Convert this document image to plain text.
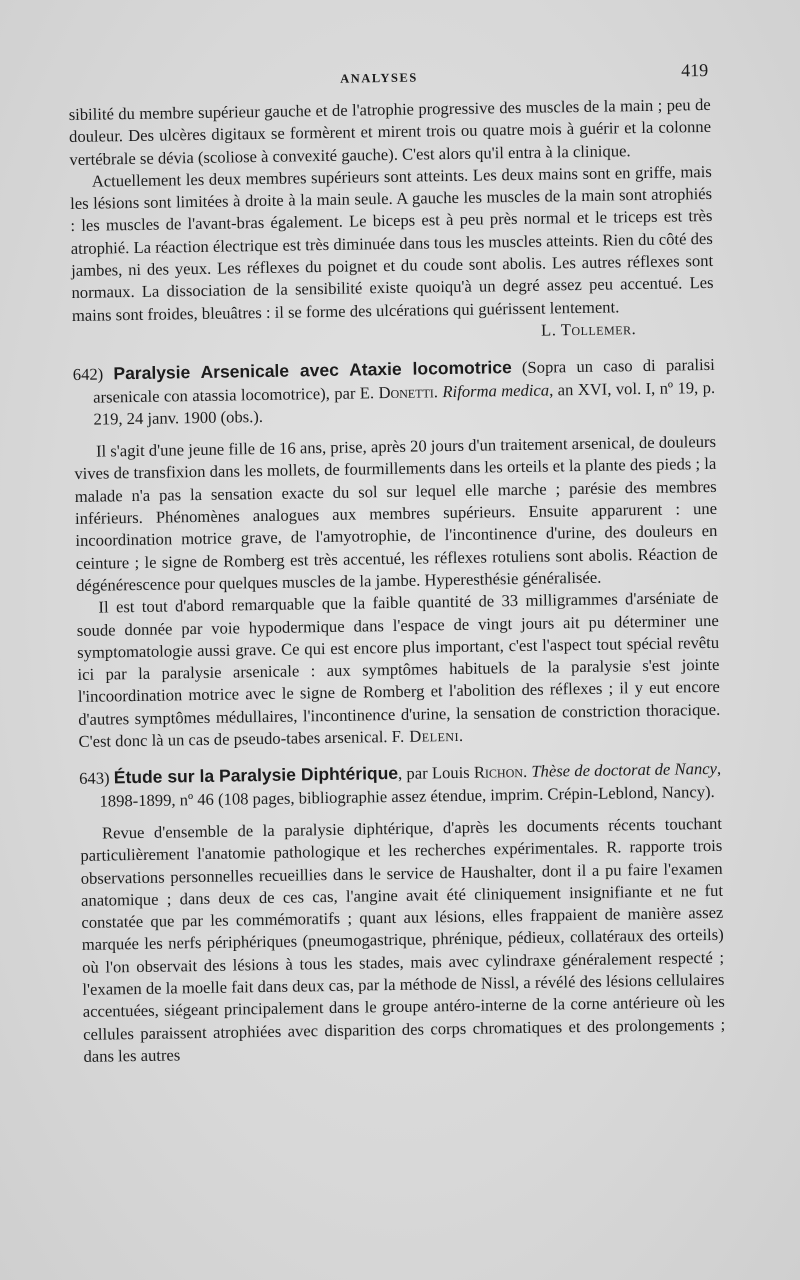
ANALYSES	419

sibilité du membre supérieur gauche et de l'atrophie progressive des muscles de la main ; peu de douleur. Des ulcères digitaux se formèrent et mirent trois ou quatre mois à guérir et la colonne vertébrale se dévia (scoliose à convexité gauche). C'est alors qu'il entra à la clinique.

Actuellement les deux membres supérieurs sont atteints. Les deux mains sont en griffe, mais les lésions sont limitées à droite à la main seule. A gauche les muscles de la main sont atrophiés : les muscles de l'avant-bras également. Le biceps est à peu près normal et le triceps est très atrophié. La réaction électrique est très diminuée dans tous les muscles atteints. Rien du côté des jambes, ni des yeux. Les réflexes du poignet et du coude sont abolis. Les autres réflexes sont normaux. La dissociation de la sensibilité existe quoiqu'à un degré assez peu accentué. Les mains sont froides, bleuâtres : il se forme des ulcérations qui guérissent lentement.

L. Tollemer.

642) Paralysie Arsenicale avec Ataxie locomotrice (Sopra un caso di paralisi arsenicale con atassia locomotrice), par E. Donetti. Riforma medica, an XVI, vol. I, nº 19, p. 219, 24 janv. 1900 (obs.).

Il s'agit d'une jeune fille de 16 ans, prise, après 20 jours d'un traitement arsenical, de douleurs vives de transfixion dans les mollets, de fourmillements dans les orteils et la plante des pieds ; la malade n'a pas la sensation exacte du sol sur lequel elle marche ; parésie des membres inférieurs. Phénomènes analogues aux membres supérieurs. Ensuite apparurent : une incoordination motrice grave, de l'amyotrophie, de l'incontinence d'urine, des douleurs en ceinture ; le signe de Romberg est très accentué, les réflexes rotuliens sont abolis. Réaction de dégénérescence pour quelques muscles de la jambe. Hyperesthésie généralisée.

Il est tout d'abord remarquable que la faible quantité de 33 milligrammes d'arséniate de soude donnée par voie hypodermique dans l'espace de vingt jours ait pu déterminer une symptomatologie aussi grave. Ce qui est encore plus important, c'est l'aspect tout spécial revêtu ici par la paralysie arsenicale : aux symptômes habituels de la paralysie s'est jointe l'incoordination motrice avec le signe de Romberg et l'abolition des réflexes ; il y eut encore d'autres symptômes médullaires, l'incontinence d'urine, la sensation de constriction thoracique. C'est donc là un cas de pseudo-tabes arsenical. F. Deleni.

643) Étude sur la Paralysie Diphtérique, par Louis Richon. Thèse de doctorat de Nancy, 1898-1899, nº 46 (108 pages, bibliographie assez étendue, imprim. Crépin-Leblond, Nancy).

Revue d'ensemble de la paralysie diphtérique, d'après les documents récents touchant particulièrement l'anatomie pathologique et les recherches expérimentales. R. rapporte trois observations personnelles recueillies dans le service de Haushalter, dont il a pu faire l'examen anatomique ; dans deux de ces cas, l'angine avait été cliniquement insignifiante et ne fut constatée que par les commémoratifs ; quant aux lésions, elles frappaient de manière assez marquée les nerfs périphériques (pneumogastrique, phrénique, pédieux, collatéraux des orteils) où l'on observait des lésions à tous les stades, mais avec cylindraxe généralement respecté ; l'examen de la moelle fait dans deux cas, par la méthode de Nissl, a révélé des lésions cellulaires accentuées, siégeant principalement dans le groupe antéro-interne de la corne antérieure où les cellules paraissent atrophiées avec disparition des corps chromatiques et des prolongements ; dans les autres
